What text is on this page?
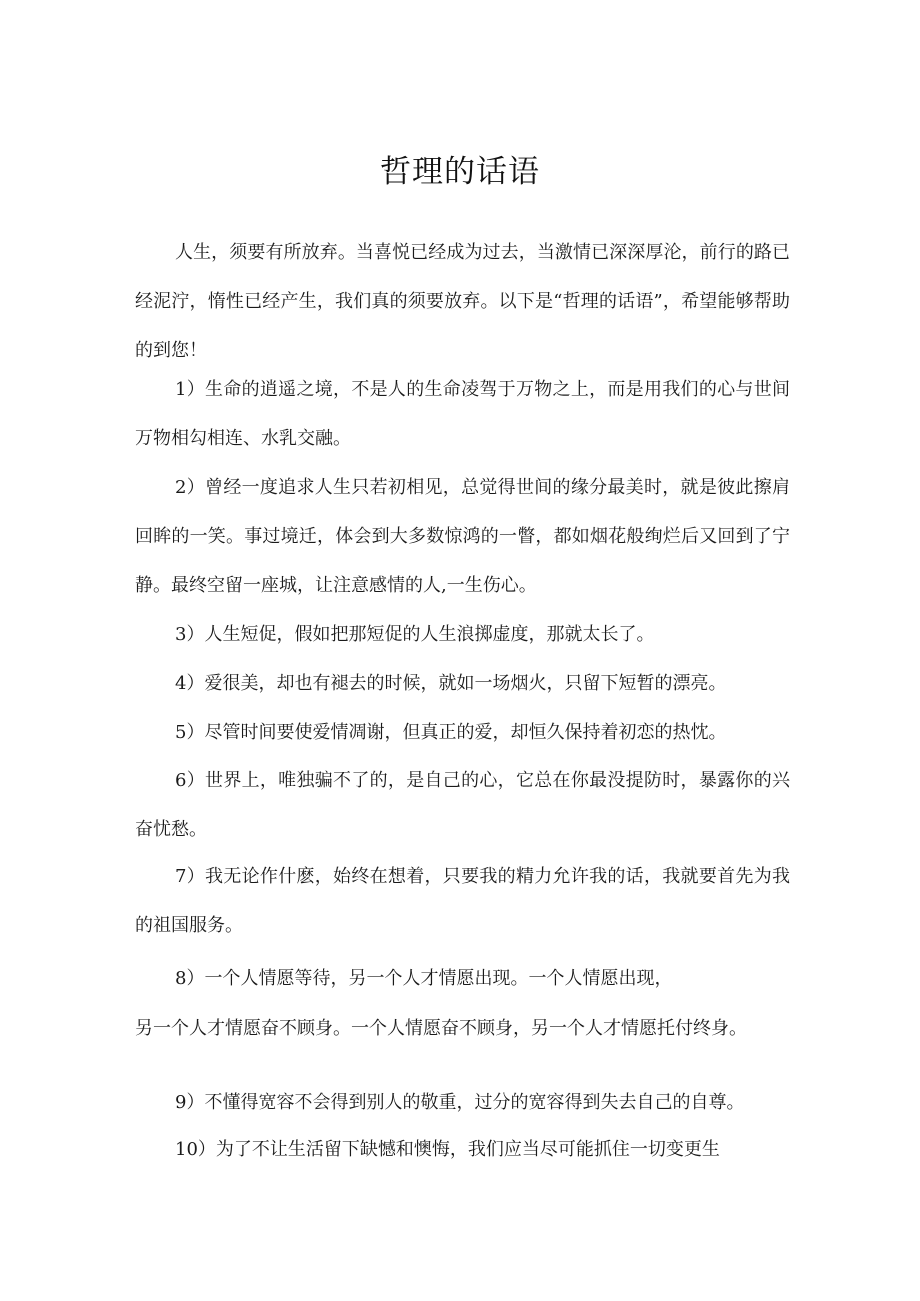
哲理的话语

人生，须要有所放弃。当喜悦已经成为过去，当激情已深深厚沦，前行的路已经泥泞，惰性已经产生，我们真的须要放弃。以下是“哲理的话语”，希望能够帮助的到您！

1）生命的逍遥之境，不是人的生命凌驾于万物之上，而是用我们的心与世间万物相勾相连、水乳交融。

2）曾经一度追求人生只若初相见，总觉得世间的缘分最美时，就是彼此擦肩回眸的一笑。事过境迁，体会到大多数惊鸿的一瞥，都如烟花般绚烂后又回到了宁静。最终空留一座城，让注意感情的人,一生伤心。

3）人生短促，假如把那短促的人生浪掷虚度，那就太长了。

4）爱很美，却也有褪去的时候，就如一场烟火，只留下短暂的漂亮。

5）尽管时间要使爱情凋谢，但真正的爱，却恒久保持着初恋的热忱。

6）世界上，唯独骗不了的，是自己的心，它总在你最没提防时，暴露你的兴奋忧愁。

7）我无论作什麽，始终在想着，只要我的精力允许我的话，我就要首先为我的祖国服务。

8）一个人情愿等待，另一个人才情愿出现。一个人情愿出现，

另一个人才情愿奋不顾身。一个人情愿奋不顾身，另一个人才情愿托付终身。

9）不懂得宽容不会得到别人的敬重，过分的宽容得到失去自己的自尊。

10）为了不让生活留下缺憾和懊悔，我们应当尽可能抓住一切变更生
